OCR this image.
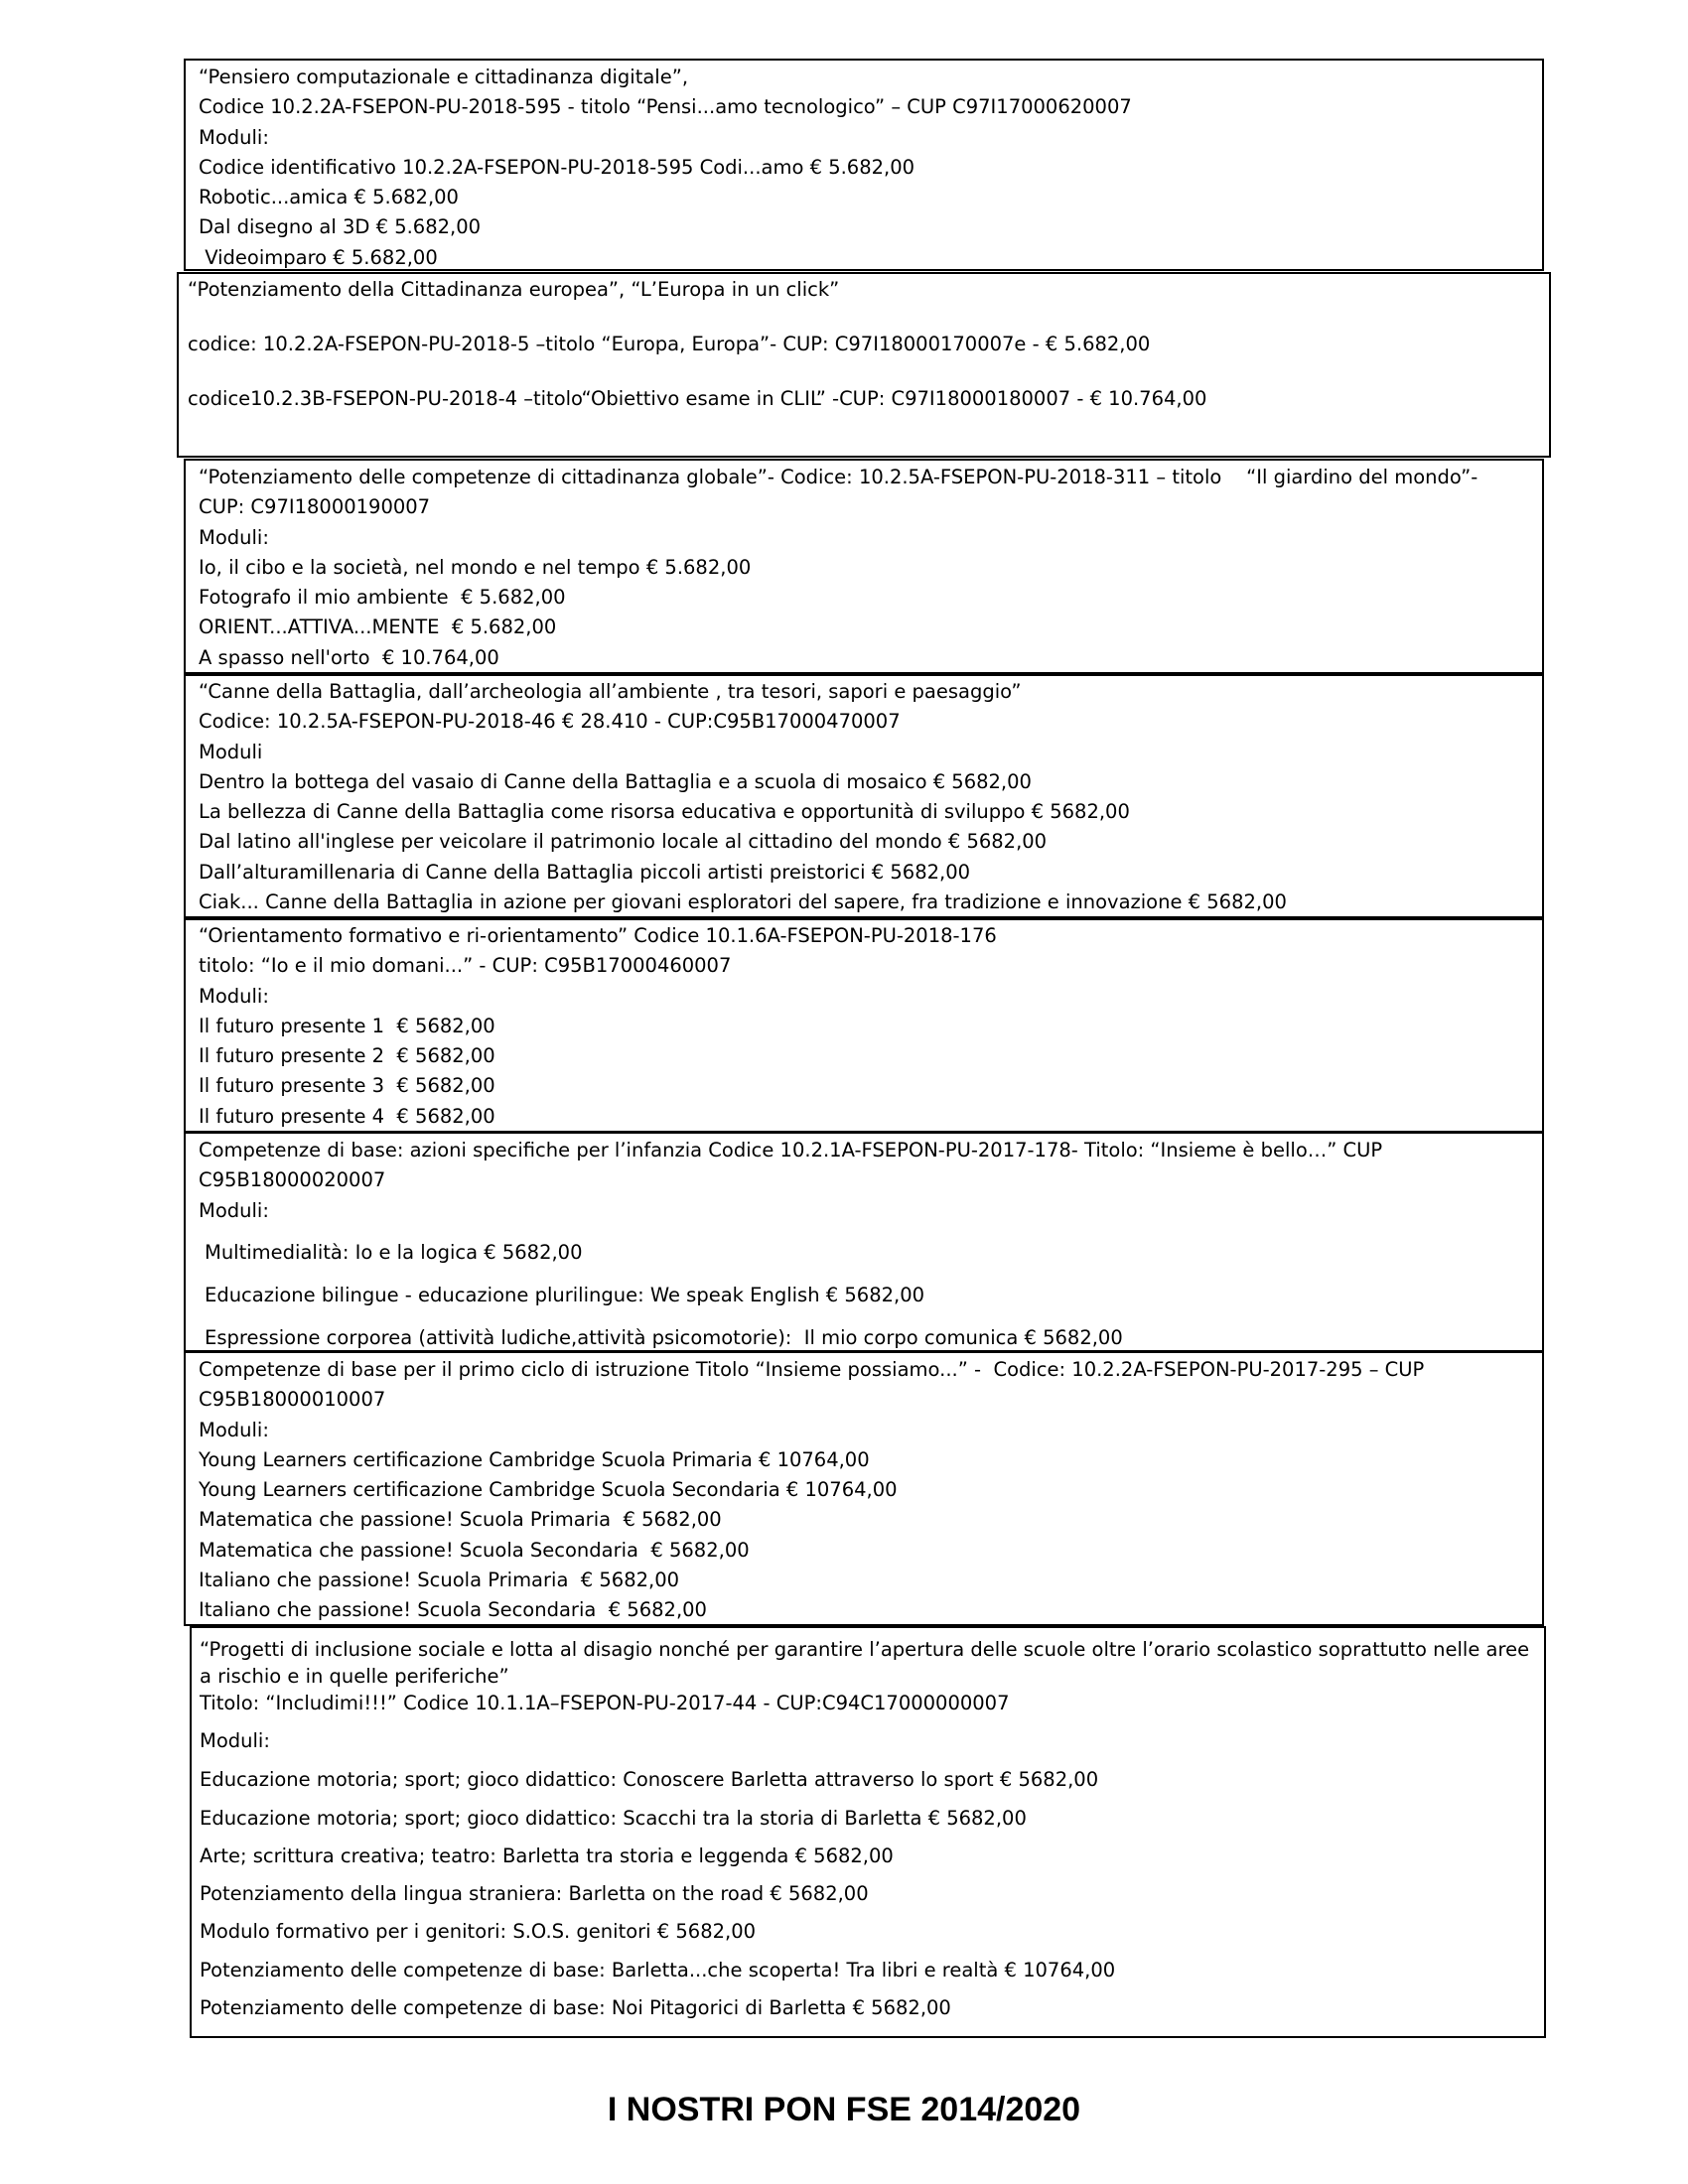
“Pensiero computazionale e cittadinanza digitale”,
Codice 10.2.2A-FSEPON-PU-2018-595 - titolo “Pensi...amo tecnologico” – CUP C97I17000620007
Moduli:
Codice identificativo 10.2.2A-FSEPON-PU-2018-595 Codi...amo € 5.682,00
Robotic...amica € 5.682,00
Dal disegno al 3D € 5.682,00
Videoimparo € 5.682,00
“Potenziamento della Cittadinanza europea”, “L’Europa in un click”
codice: 10.2.2A-FSEPON-PU-2018-5 –titolo “Europa, Europa”- CUP: C97I18000170007e - € 5.682,00
codice10.2.3B-FSEPON-PU-2018-4 –titolo“Obiettivo esame in CLIL” -CUP: C97I18000180007 - € 10.764,00
“Potenziamento delle competenze di cittadinanza globale”- Codice: 10.2.5A-FSEPON-PU-2018-311 – titolo    “Il giardino del mondo”- CUP: C97I18000190007
Moduli:
Io, il cibo e la società, nel mondo e nel tempo € 5.682,00
Fotografo il mio ambiente  € 5.682,00
ORIENT...ATTIVA...MENTE  € 5.682,00
A spasso nell'orto  € 10.764,00
“Canne della Battaglia, dall’archeologia all’ambiente , tra tesori, sapori e paesaggio”
Codice: 10.2.5A-FSEPON-PU-2018-46 € 28.410 - CUP:C95B17000470007
Moduli
Dentro la bottega del vasaio di Canne della Battaglia e a scuola di mosaico € 5682,00
La bellezza di Canne della Battaglia come risorsa educativa e opportunità di sviluppo € 5682,00
Dal latino all'inglese per veicolare il patrimonio locale al cittadino del mondo € 5682,00
Dall’alturamillenaria di Canne della Battaglia piccoli artisti preistorici € 5682,00
Ciak... Canne della Battaglia in azione per giovani esploratori del sapere, fra tradizione e innovazione € 5682,00
“Orientamento formativo e ri-orientamento” Codice 10.1.6A-FSEPON-PU-2018-176
titolo: “Io e il mio domani...” - CUP: C95B17000460007
Moduli:
Il futuro presente 1  € 5682,00
Il futuro presente 2  € 5682,00
Il futuro presente 3  € 5682,00
Il futuro presente 4  € 5682,00
Competenze di base: azioni specifiche per l’infanzia Codice 10.2.1A-FSEPON-PU-2017-178- Titolo: “Insieme è bello…” CUP C95B18000020007
Moduli:
Multimedialità: Io e la logica € 5682,00
Educazione bilingue - educazione plurilingue: We speak English € 5682,00
Espressione corporea (attività ludiche,attività psicomotorie):  Il mio corpo comunica € 5682,00
Competenze di base per il primo ciclo di istruzione Titolo “Insieme possiamo...” -  Codice: 10.2.2A-FSEPON-PU-2017-295 – CUP C95B18000010007
Moduli:
Young Learners certificazione Cambridge Scuola Primaria € 10764,00
Young Learners certificazione Cambridge Scuola Secondaria € 10764,00
Matematica che passione! Scuola Primaria  € 5682,00
Matematica che passione! Scuola Secondaria  € 5682,00
Italiano che passione! Scuola Primaria  € 5682,00
Italiano che passione! Scuola Secondaria  € 5682,00
“Progetti di inclusione sociale e lotta al disagio nonché per garantire l’apertura delle scuole oltre l’orario scolastico soprattutto nelle aree a rischio e in quelle periferiche”
Titolo: “Includimi!!!” Codice 10.1.1A–FSEPON-PU-2017-44 - CUP:C94C17000000007
Moduli:
Educazione motoria; sport; gioco didattico: Conoscere Barletta attraverso lo sport € 5682,00
Educazione motoria; sport; gioco didattico: Scacchi tra la storia di Barletta € 5682,00
Arte; scrittura creativa; teatro: Barletta tra storia e leggenda € 5682,00
Potenziamento della lingua straniera: Barletta on the road € 5682,00
Modulo formativo per i genitori: S.O.S. genitori € 5682,00
Potenziamento delle competenze di base: Barletta...che scoperta! Tra libri e realtà € 10764,00
Potenziamento delle competenze di base: Noi Pitagorici di Barletta € 5682,00
I NOSTRI PON FSE 2014/2020
